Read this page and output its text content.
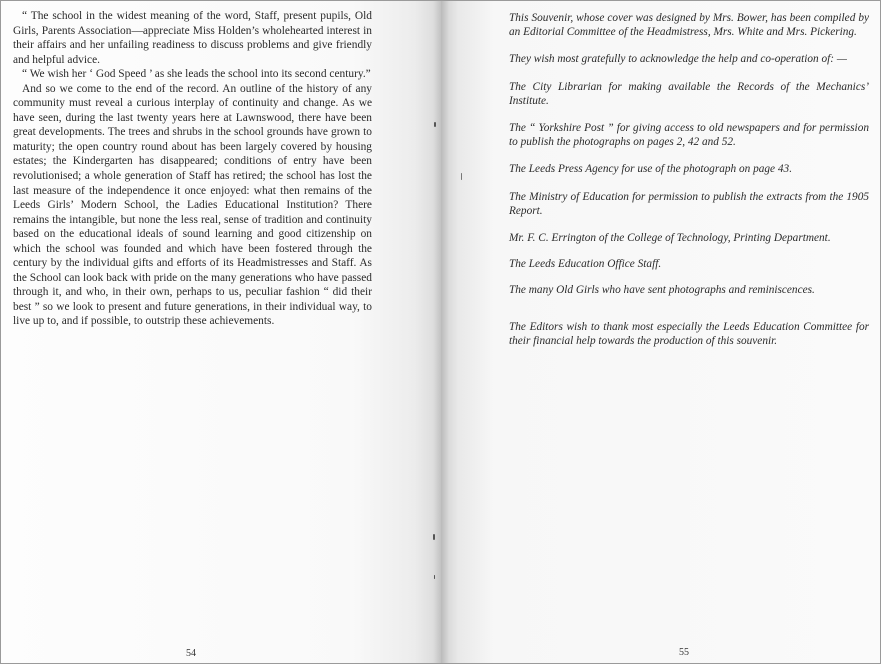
“ The school in the widest meaning of the word, Staff, present pupils, Old Girls, Parents Association—appreciate Miss Holden’s wholehearted interest in their affairs and her unfailing readiness to discuss problems and give friendly and helpful advice.

“ We wish her ‘ God Speed ’ as she leads the school into its second century.”

And so we come to the end of the record. An outline of the history of any community must reveal a curious interplay of continuity and change. As we have seen, during the last twenty years here at Lawnswood, there have been great developments. The trees and shrubs in the school grounds have grown to maturity; the open country round about has been largely covered by housing estates; the Kindergarten has disappeared; conditions of entry have been revolutionised; a whole generation of Staff has retired; the school has lost the last measure of the independence it once enjoyed: what then remains of the Leeds Girls’ Modern School, the Ladies Educational Institution? There remains the intangible, but none the less real, sense of tradition and continuity based on the educational ideals of sound learning and good citizenship on which the school was founded and which have been fostered through the century by the individual gifts and efforts of its Headmistresses and Staff. As the School can look back with pride on the many generations who have passed through it, and who, in their own, perhaps to us, peculiar fashion “ did their best ” so we look to present and future generations, in their individual way, to live up to, and if possible, to outstrip these achievements.

54

This Souvenir, whose cover was designed by Mrs. Bower, has been compiled by an Editorial Committee of the Headmistress, Mrs. White and Mrs. Pickering.

They wish most gratefully to acknowledge the help and co-operation of: —

The City Librarian for making available the Records of the Mechanics’ Institute.

The “ Yorkshire Post ” for giving access to old newspapers and for permission to publish the photographs on pages 2, 42 and 52.

The Leeds Press Agency for use of the photograph on page 43.

The Ministry of Education for permission to publish the extracts from the 1905 Report.

Mr. F. C. Errington of the College of Technology, Printing Department.

The Leeds Education Office Staff.

The many Old Girls who have sent photographs and reminiscences.

The Editors wish to thank most especially the Leeds Education Committee for their financial help towards the production of this souvenir.

55
